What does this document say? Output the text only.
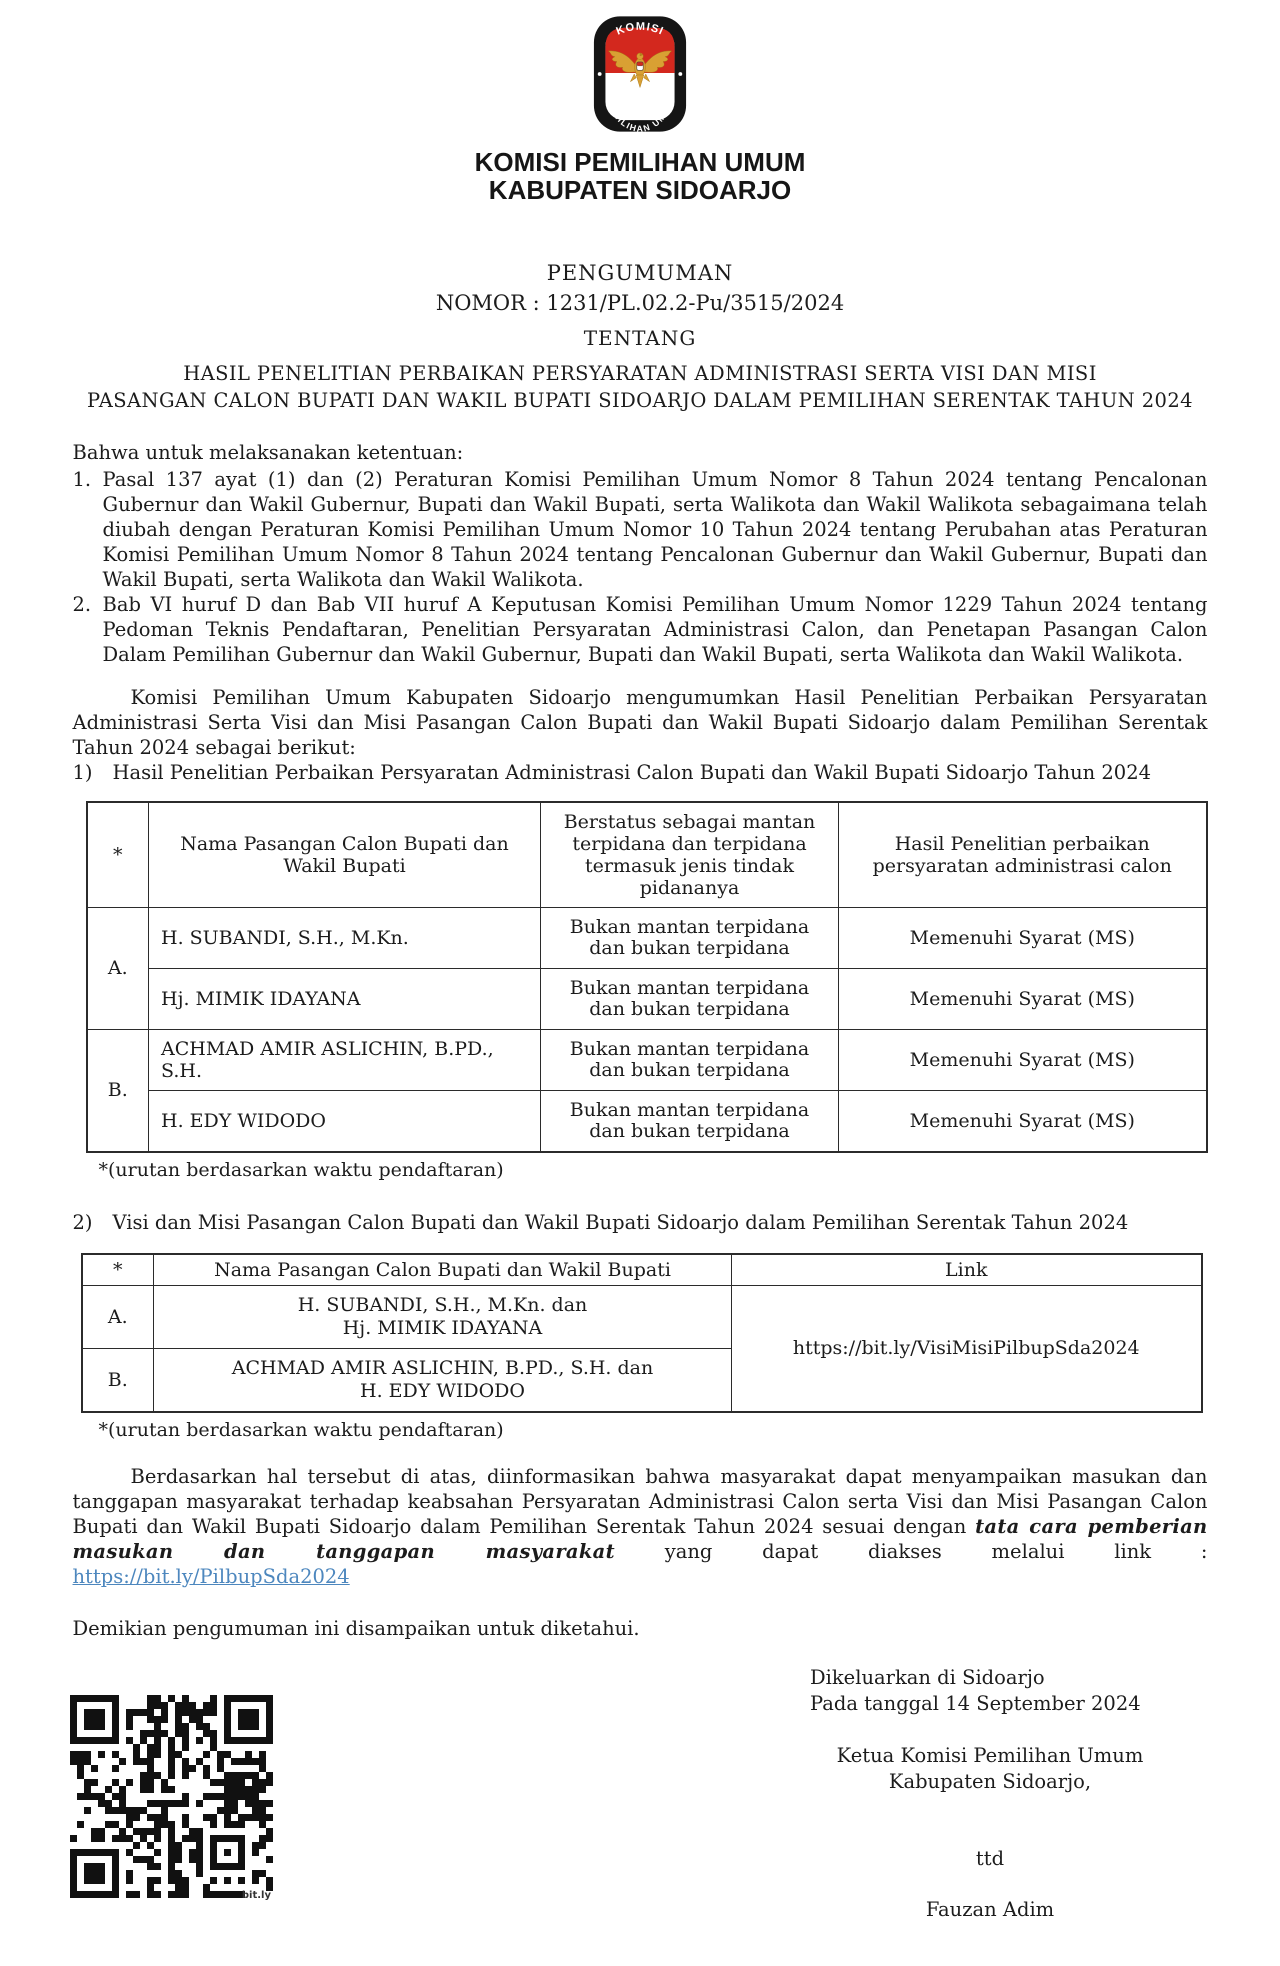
KOMISI
PEMILIHAN UMUM
KOMISI PEMILIHAN UMUM
KABUPATEN SIDOARJO
PENGUMUMAN
NOMOR : 1231/PL.02.2-Pu/3515/2024
TENTANG
HASIL PENELITIAN PERBAIKAN PERSYARATAN ADMINISTRASI SERTA VISI DAN MISI
PASANGAN CALON BUPATI DAN WAKIL BUPATI SIDOARJO DALAM PEMILIHAN SERENTAK TAHUN 2024
Bahwa untuk melaksanakan ketentuan:
1. Pasal 137 ayat (1) dan (2) Peraturan Komisi Pemilihan Umum Nomor 8 Tahun 2024 tentang Pencalonan Gubernur dan Wakil Gubernur, Bupati dan Wakil Bupati, serta Walikota dan Wakil Walikota sebagaimana telah diubah dengan Peraturan Komisi Pemilihan Umum Nomor 10 Tahun 2024 tentang Perubahan atas Peraturan Komisi Pemilihan Umum Nomor 8 Tahun 2024 tentang Pencalonan Gubernur dan Wakil Gubernur, Bupati dan Wakil Bupati, serta Walikota dan Wakil Walikota.
2. Bab VI huruf D dan Bab VII huruf A Keputusan Komisi Pemilihan Umum Nomor 1229 Tahun 2024 tentang Pedoman Teknis Pendaftaran, Penelitian Persyaratan Administrasi Calon, dan Penetapan Pasangan Calon Dalam Pemilihan Gubernur dan Wakil Gubernur, Bupati dan Wakil Bupati, serta Walikota dan Wakil Walikota.
Komisi Pemilihan Umum Kabupaten Sidoarjo mengumumkan Hasil Penelitian Perbaikan Persyaratan Administrasi Serta Visi dan Misi Pasangan Calon Bupati dan Wakil Bupati Sidoarjo dalam Pemilihan Serentak Tahun 2024 sebagai berikut:
1)	Hasil Penelitian Perbaikan Persyaratan Administrasi Calon Bupati dan Wakil Bupati Sidoarjo Tahun 2024
*	Nama Pasangan Calon Bupati dan Wakil Bupati	Berstatus sebagai mantan terpidana dan terpidana termasuk jenis tindak pidananya	Hasil Penelitian perbaikan persyaratan administrasi calon
A.	H. SUBANDI, S.H., M.Kn.	Bukan mantan terpidana dan bukan terpidana	Memenuhi Syarat (MS)
	Hj. MIMIK IDAYANA	Bukan mantan terpidana dan bukan terpidana	Memenuhi Syarat (MS)
B.	ACHMAD AMIR ASLICHIN, B.PD., S.H.	Bukan mantan terpidana dan bukan terpidana	Memenuhi Syarat (MS)
	H. EDY WIDODO	Bukan mantan terpidana dan bukan terpidana	Memenuhi Syarat (MS)
*(urutan berdasarkan waktu pendaftaran)
2)	Visi dan Misi Pasangan Calon Bupati dan Wakil Bupati Sidoarjo dalam Pemilihan Serentak Tahun 2024
*	Nama Pasangan Calon Bupati dan Wakil Bupati	Link
A.	H. SUBANDI, S.H., M.Kn. dan
Hj. MIMIK IDAYANA	https://bit.ly/VisiMisiPilbupSda2024
B.	ACHMAD AMIR ASLICHIN, B.PD., S.H. dan
H. EDY WIDODO	
*(urutan berdasarkan waktu pendaftaran)
Berdasarkan hal tersebut di atas, diinformasikan bahwa masyarakat dapat menyampaikan masukan dan tanggapan masyarakat terhadap keabsahan Persyaratan Administrasi Calon serta Visi dan Misi Pasangan Calon Bupati dan Wakil Bupati Sidoarjo dalam Pemilihan Serentak Tahun 2024 sesuai dengan tata cara pemberian masukan dan tanggapan masyarakat yang dapat diakses melalui link :
https://bit.ly/PilbupSda2024
Demikian pengumuman ini disampaikan untuk diketahui.
bit.ly
Dikeluarkan di Sidoarjo
Pada tanggal 14 September 2024
Ketua Komisi Pemilihan Umum
Kabupaten Sidoarjo,
ttd
Fauzan Adim
